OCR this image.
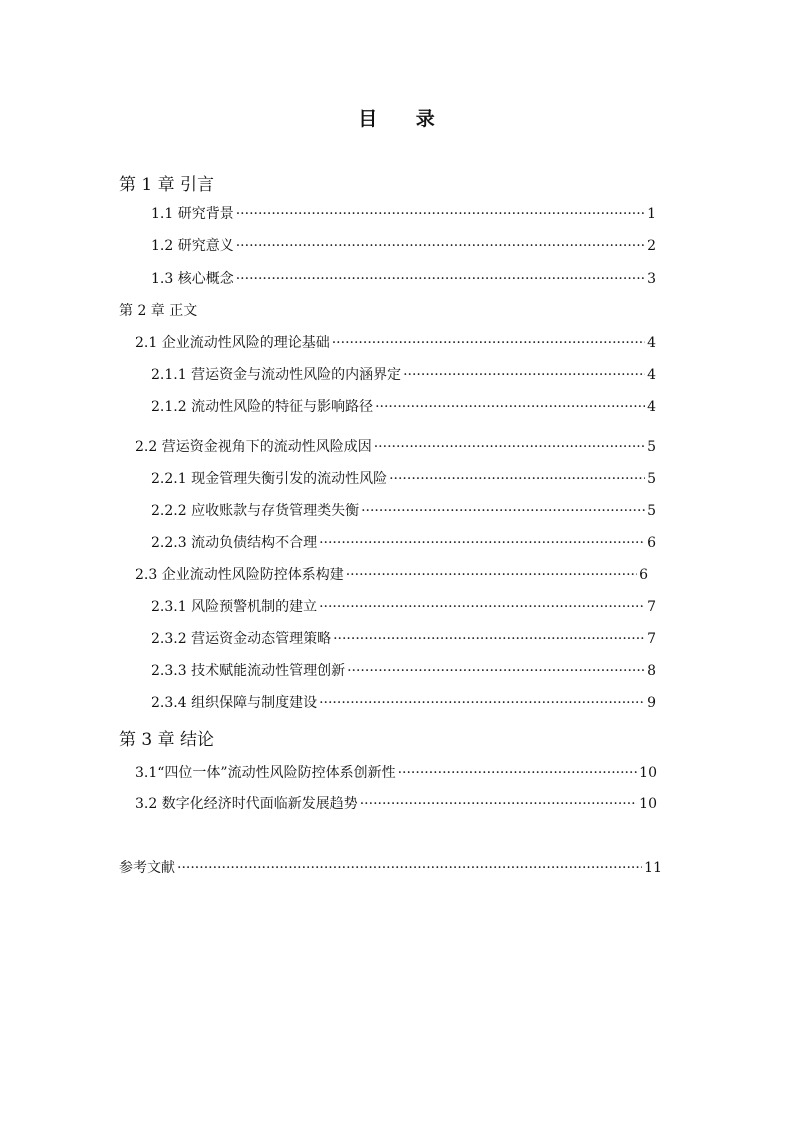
目 录
第 1 章 引言
1.1 研究背景 ·····	1
1.2 研究意义 ·····	2
1.3 核心概念 ·····	3
第 2 章 正文
2.1 企业流动性风险的理论基础 ·····	4
2.1.1 营运资金与流动性风险的内涵界定 ·····	4
2.1.2 流动性风险的特征与影响路径 ·····	4
2.2 营运资金视角下的流动性风险成因 ·····	5
2.2.1 现金管理失衡引发的流动性风险 ·····	5
2.2.2 应收账款与存货管理类失衡 ·····	5
2.2.3 流动负债结构不合理 ·····	6
2.3 企业流动性风险防控体系构建 ·····	6
2.3.1 风险预警机制的建立 ·····	7
2.3.2 营运资金动态管理策略 ·····	7
2.3.3 技术赋能流动性管理创新 ·····	8
2.3.4 组织保障与制度建设 ·····	9
第 3 章 结论
3.1“四位一体”流动性风险防控体系创新性 ·····	10
3.2 数字化经济时代面临新发展趋势 ·····	10
参考文献 ·····	11
